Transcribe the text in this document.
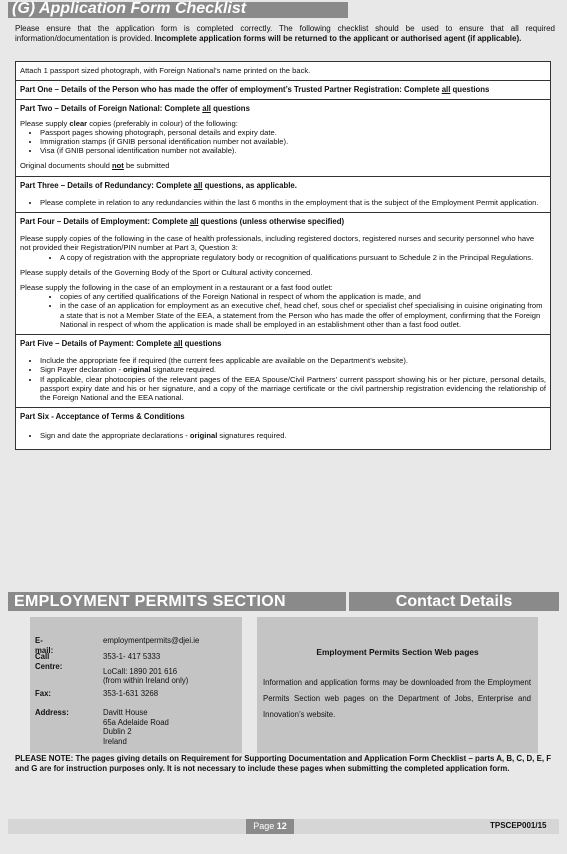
(G) Application Form Checklist
Please ensure that the application form is completed correctly. The following checklist should be used to ensure that all required information/documentation is provided. Incomplete application forms will be returned to the applicant or authorised agent (if applicable).
Attach 1 passport sized photograph, with Foreign National’s name printed on the back.
Part One – Details of the Person who has made the offer of employment’s Trusted Partner Registration: Complete all questions
Part Two – Details of Foreign National: Complete all questions

Please supply clear copies (preferably in colour) of the following:

• Passport pages showing photograph, personal details and expiry date.
• Immigration stamps (if GNIB personal identification number not available).
• Visa (if GNIB personal identification number not available).

Original documents should not be submitted

Part Three – Details of Redundancy: Complete all questions, as applicable.
• Please complete in relation to any redundancies within the last 6 months in the employment that is the subject of the Employment Permit application.
Part Four – Details of Employment: Complete all questions (unless otherwise specified)

Please supply copies of the following in the case of health professionals, including registered doctors, registered nurses and security personnel who have not provided their Registration/PIN number at Part 3, Question 3:

• A copy of registration with the appropriate regulatory body or recognition of qualifications pursuant to Schedule 2 in the Principal Regulations.

Please supply details of the Governing Body of the Sport or Cultural activity concerned.

Please supply the following in the case of an employment in a restaurant or a fast food outlet:

• copies of any certified qualifications of the Foreign National in respect of whom the application is made, and
• in the case of an application for employment as an executive chef, head chef, sous chef or specialist chef specialising in cuisine originating from a state that is not a Member State of the EEA, a statement from the Person who has made the offer of employment, confirming that the Foreign National in respect of whom the application is made shall be employed in an establishment other than a fast food outlet.
Part Five – Details of Payment: Complete all questions
• Include the appropriate fee if required (the current fees applicable are available on the Department’s website).
• Sign Payer declaration - original signature required.
• If applicable, clear photocopies of the relevant pages of the EEA Spouse/Civil Partners’ current passport showing his or her picture, personal details, passport expiry date and his or her signature, and a copy of the marriage certificate or the civil partnership registration evidencing the relationship of the Foreign National and the EEA national.
Part Six - Acceptance of Terms & Conditions
• Sign and date the appropriate declarations - original signatures required.
EMPLOYMENT PERMITS SECTION	Contact Details
E-mail:
employmentpermits@djei.ie
Call Centre:
353-1- 417 5333
LoCall: 1890 201 616
(from within Ireland only)
Fax:	353-1-631 3268
Address:	Davitt House
65a Adelaide Road
Dublin 2
Ireland
Employment Permits Section Web pages

Information and application forms may be downloaded from the Employment Permits Section web pages on the Department of Jobs, Enterprise and Innovation’s website.

PLEASE NOTE: The pages giving details on Requirement for Supporting Documentation and Application Form Checklist – parts A, B, C, D, E, F and G are for instruction purposes only. It is not necessary to include these pages when submitting the completed application form.
Page 12	TPSCEP001/15
